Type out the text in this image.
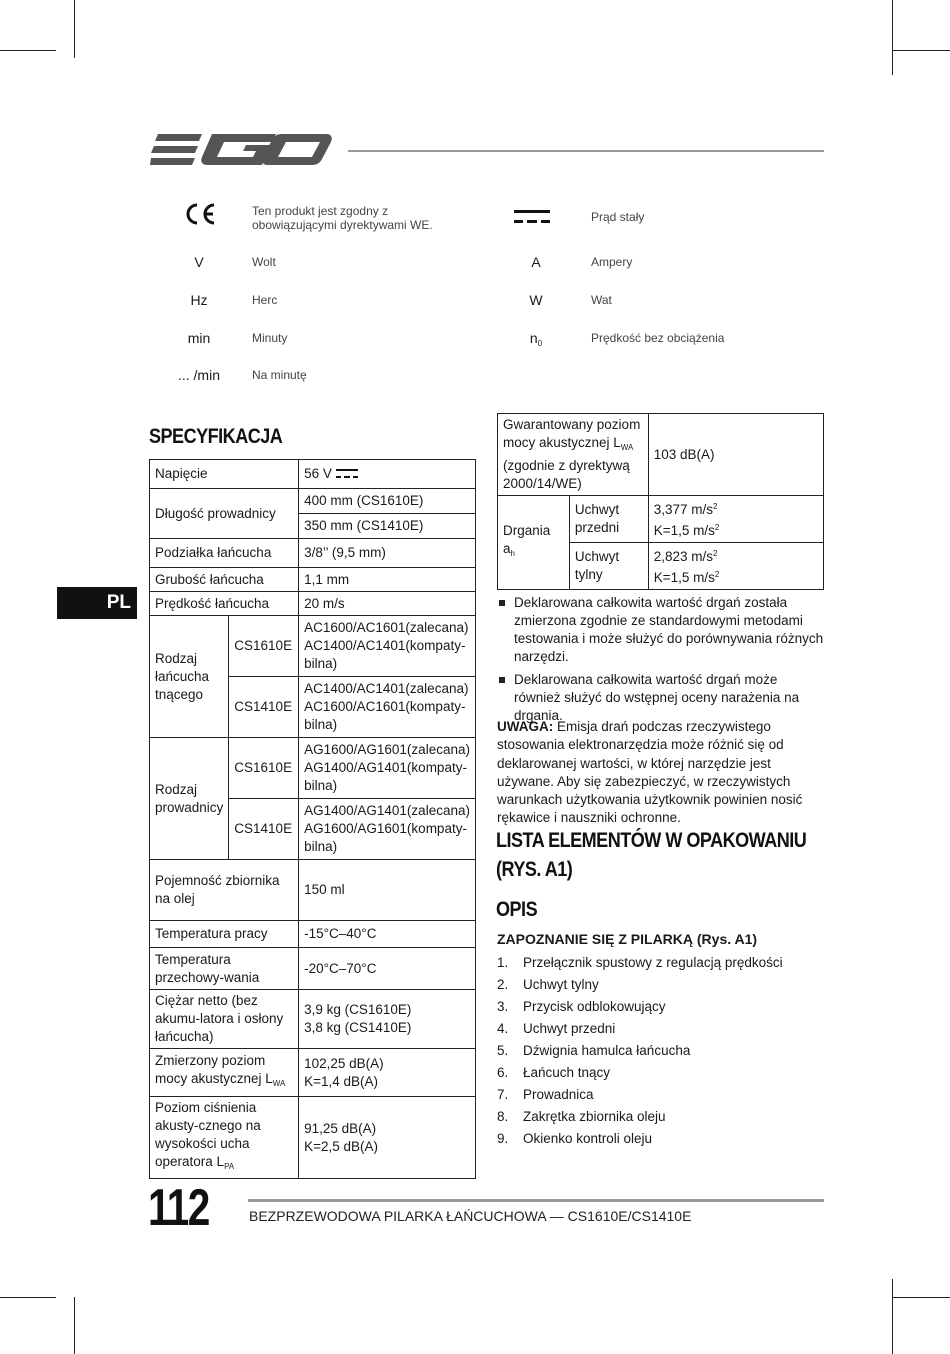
Ten produkt jest zgodny z obowiązującymi dyrektywami WE.
V	Wolt
Hz	Herc
min	Minuty
... /min	Na minutę
Prąd stały
A	Ampery
W	Wat
$n_0$	Prędkość bez obciążenia
PL
SPECYFIKACJA
Napięcie		56 V
Długość prowadnicy		400 mm (CS1610E)
		350 mm (CS1410E)
Podziałka łańcucha		3/8’’ (9,5 mm)
Grubość łańcucha		1,1 mm
Prędkość łańcucha		20 m/s
Rodzaj łańcucha tnącego	CS1610E	AC1600/AC1601(zalecana) AC1400/AC1401(kompaty-bilna)
	CS1410E	AC1400/AC1401(zalecana) AC1600/AC1601(kompaty-bilna)
Rodzaj prowadnicy	CS1610E	AG1600/AG1601(zalecana) AG1400/AG1401(kompaty-bilna)
	CS1410E	AG1400/AG1401(zalecana) AG1600/AG1601(kompaty-bilna)
Pojemność zbiornika na olej		150 ml
Temperatura pracy		-15°C–40°C
Temperatura przechowy-wania		-20°C–70°C
Ciężar netto (bez akumu-latora i osłony łańcucha)		3,9 kg (CS1610E)
3,8 kg (CS1410E)

Zmierzony poziom mocy akustycznej $L_{WA}$		102,25 dB(A)
K=1,4 dB(A)

Poziom ciśnienia akusty-cznego na wysokości ucha operatora $L_{PA}$		91,25 dB(A)
K=2,5 dB(A)
Gwarantowany poziom mocy akustycznej $L_{WA}$ (zgodnie z dyrektywą 2000/14/WE)		103 dB(A)
Drgania $a_h$	Uchwyt przedni	3,377 $m/s^2$
K=1,5 $m/s^2$

	Uchwyt tylny	2,823 $m/s^2$
K=1,5 $m/s^2$
Deklarowana całkowita wartość drgań została zmierzona zgodnie ze standardowymi metodami testowania i może służyć do porównywania różnych narzędzi.
Deklarowana całkowita wartość drgań może również służyć do wstępnej oceny narażenia na drgania.
UWAGA: Emisja drań podczas rzeczywistego stosowania elektronarzędzia może różnić się od deklarowanej wartości, w której narzędzie jest używane. Aby się zabezpieczyć, w rzeczywistych warunkach użytkowania użytkownik powinien nosić rękawice i nauszniki ochronne.
LISTA ELEMENTÓW W OPAKOWANIU
(RYS. A1)
OPIS
ZAPOZNANIE SIĘ Z PILARKĄ (Rys. A1)
1.	Przełącznik spustowy z regulacją prędkości
2.	Uchwyt tylny
3.	Przycisk odblokowujący
4.	Uchwyt przedni
5.	Dźwignia hamulca łańcucha
6.	Łańcuch tnący
7.	Prowadnica
8.	Zakrętka zbiornika oleju
9.	Okienko kontroli oleju
112	BEZPRZEWODOWA PILARKA ŁAŃCUCHOWA — CS1610E/CS1410E
